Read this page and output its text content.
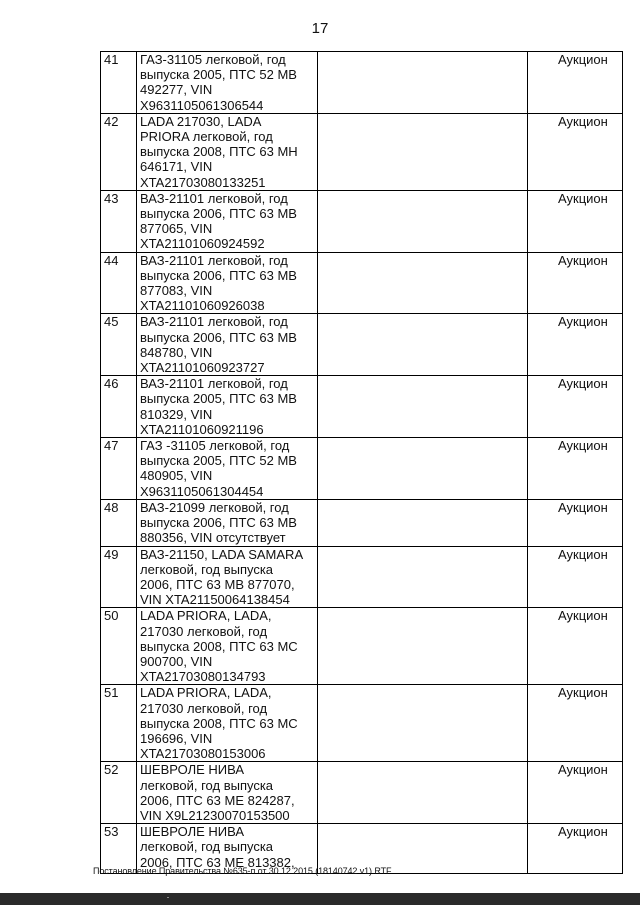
17
41	ГАЗ-31105 легковой, год
выпуска 2005, ПТС 52 МВ
492277, VIN
X9631105061306544		Аукцион
42	LADA 217030, LADA
PRIORA легковой, год
выпуска 2008, ПТС 63 МН
646171, VIN
XTA21703080133251		Аукцион
43	ВАЗ-21101 легковой, год
выпуска 2006, ПТС 63 МВ
877065, VIN
XTA21101060924592		Аукцион
44	ВАЗ-21101 легковой, год
выпуска 2006, ПТС 63 МВ
877083, VIN
XTA21101060926038		Аукцион
45	ВАЗ-21101 легковой, год
выпуска 2006, ПТС 63 МВ
848780, VIN
XTA21101060923727		Аукцион
46	ВАЗ-21101 легковой, год
выпуска 2005, ПТС 63 МВ
810329, VIN
XTA21101060921196		Аукцион
47	ГАЗ -31105 легковой, год
выпуска 2005, ПТС 52 МВ
480905, VIN
X9631105061304454		Аукцион
48	ВАЗ-21099 легковой, год
выпуска 2006, ПТС 63 МВ
880356, VIN отсутствует		Аукцион
49	ВАЗ-21150, LADA SAMARA
легковой, год выпуска
2006, ПТС 63 МВ 877070,
VIN XTA21150064138454		Аукцион
50	LADA PRIORA, LADA,
217030 легковой, год
выпуска 2008, ПТС 63 МС
900700, VIN
XTA21703080134793		Аукцион
51	LADA PRIORA, LADA,
217030 легковой, год
выпуска 2008, ПТС 63 МС
196696, VIN
XTA21703080153006		Аукцион
52	ШЕВРОЛЕ НИВА
легковой, год выпуска
2006, ПТС 63 МЕ 824287,
VIN X9L21230070153500		Аукцион
53	ШЕВРОЛЕ НИВА
легковой, год выпуска
2006, ПТС 63 МЕ 813382,		Аукцион
Постановление Правительства №635-п от 30.12.2015 (18140742 v1).RTF
